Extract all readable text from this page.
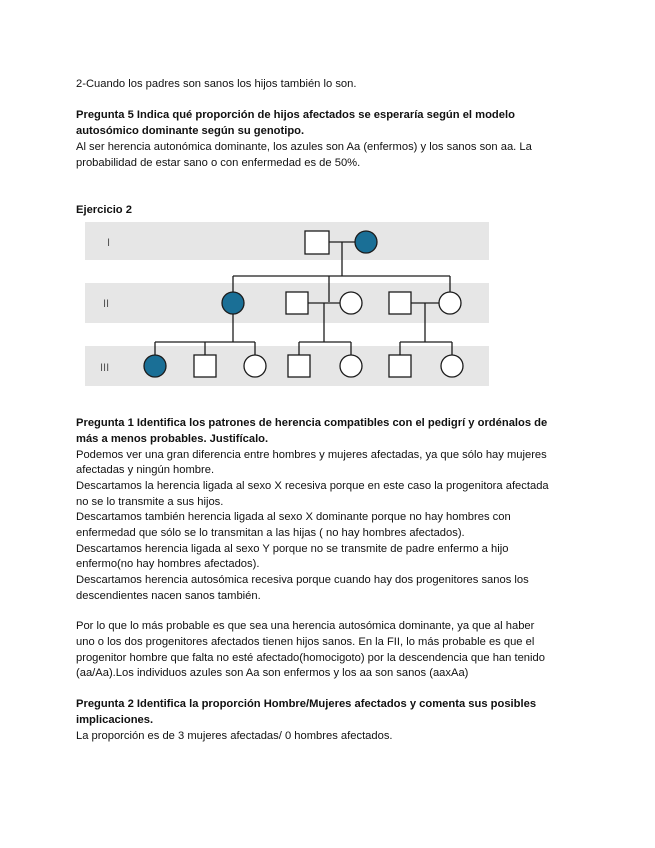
2-Cuando los padres son sanos los hijos también lo son.
Pregunta 5 Indica qué proporción de hijos afectados se esperaría según el modelo
autosómico dominante según su genotipo.
Al ser herencia autonómica dominante, los azules son Aa (enfermos) y los sanos son aa. La
probabilidad de estar sano o con enfermedad es de 50%.
Ejercicio 2
I
II
III
Pregunta 1 Identifica los patrones de herencia compatibles con el pedigrí y ordénalos de
más a menos probables. Justifícalo.
Podemos ver una gran diferencia entre hombres y mujeres afectadas, ya que sólo hay mujeres
afectadas y ningún hombre.
Descartamos la herencia ligada al sexo X recesiva porque en este caso la progenitora afectada
no se lo transmite a sus hijos.
Descartamos también herencia ligada al sexo X dominante porque no hay hombres con
enfermedad que sólo se lo transmitan a las hijas ( no hay hombres afectados).
Descartamos herencia ligada al sexo Y porque no se transmite de padre enfermo a hijo
enfermo(no hay hombres afectados).
Descartamos herencia autosómica recesiva porque cuando hay dos progenitores sanos los
descendientes nacen sanos también.
Por lo que lo más probable es que sea una herencia autosómica dominante, ya que al haber
uno o los dos progenitores afectados tienen hijos sanos. En la FII, lo más probable es que el
progenitor hombre que falta no esté afectado(homocigoto) por la descendencia que han tenido
(aa/Aa).Los individuos azules son Aa son enfermos y los aa son sanos (aaxAa)
Pregunta 2 Identifica la proporción Hombre/Mujeres afectados y comenta sus posibles
implicaciones.
La proporción es de 3 mujeres afectadas/ 0 hombres afectados.
